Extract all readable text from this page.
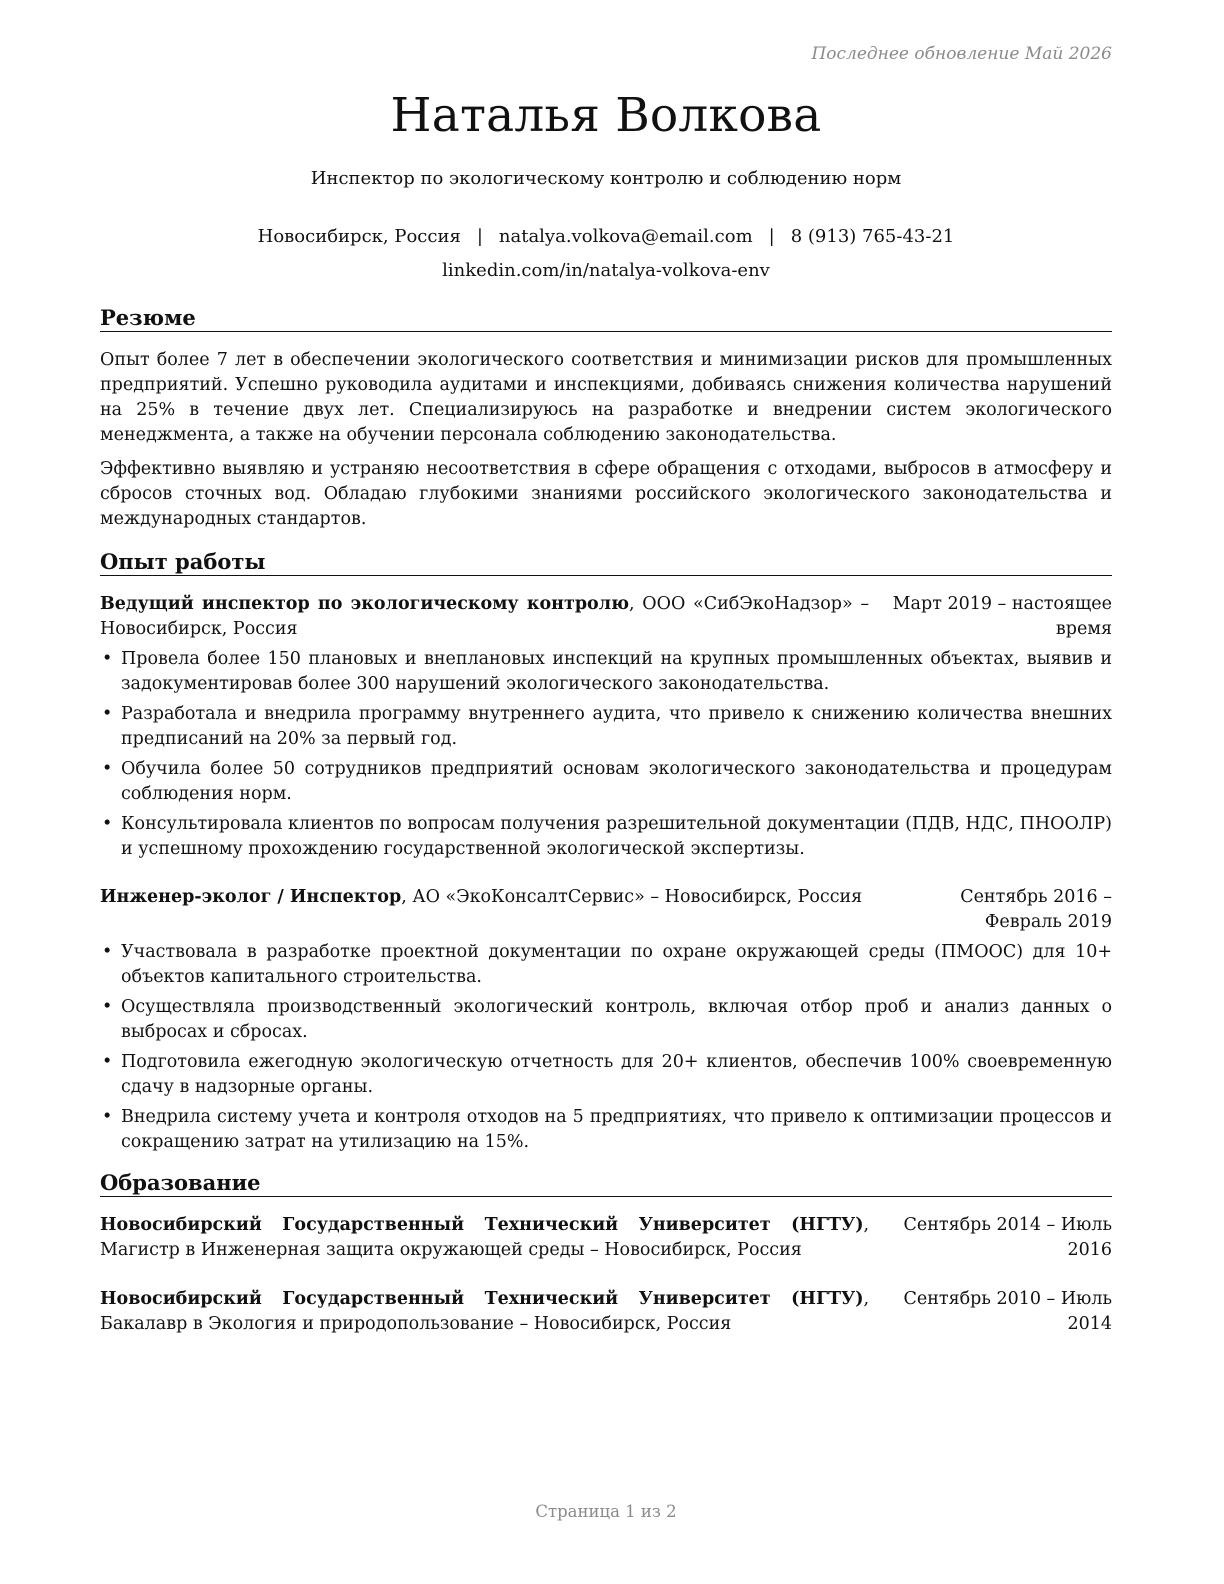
Последнее обновление Май 2026
Наталья Волкова
Инспектор по экологическому контролю и соблюдению норм
Новосибирск, Россия | natalya.volkova@email.com | 8 (913) 765-43-21
linkedin.com/in/natalya-volkova-env
Резюме

Опыт более 7 лет в обеспечении экологического соответствия и минимизации рисков для промышленных предприятий. Успешно руководила аудитами и инспекциями, добиваясь снижения количества нарушений на 25% в течение двух лет. Специализируюсь на разработке и внедрении систем экологического менеджмента, а также на обучении персонала соблюдению законодательства.

Эффективно выявляю и устраняю несоответствия в сфере обращения с отходами, выбросов в атмосферу и сбросов сточных вод. Обладаю глубокими знаниями российского экологического законодательства и международных стандартов.

Опыт работы
Ведущий инспектор по экологическому контролю, ООО «СибЭкоНадзор» – Новосибирск, Россия
Март 2019 – настоящее время
• Провела более 150 плановых и внеплановых инспекций на крупных промышленных объектах, выявив и задокументировав более 300 нарушений экологического законодательства.
• Разработала и внедрила программу внутреннего аудита, что привело к снижению количества внешних предписаний на 20% за первый год.
• Обучила более 50 сотрудников предприятий основам экологического законодательства и процедурам соблюдения норм.
• Консультировала клиентов по вопросам получения разрешительной документации (ПДВ, НДС, ПНООЛР) и успешному прохождению государственной экологической экспертизы.
Инженер-эколог / Инспектор, АО «ЭкоКонсалтСервис» – Новосибирск, Россия	Сентябрь 2016 – Февраль 2019
• Участвовала в разработке проектной документации по охране окружающей среды (ПМООС) для 10+ объектов капитального строительства.
• Осуществляла производственный экологический контроль, включая отбор проб и анализ данных о выбросах и сбросах.
• Подготовила ежегодную экологическую отчетность для 20+ клиентов, обеспечив 100% своевременную сдачу в надзорные органы.
• Внедрила систему учета и контроля отходов на 5 предприятиях, что привело к оптимизации процессов и сокращению затрат на утилизацию на 15%.
Образование
Новосибирский Государственный Технический Университет (НГТУ), Магистр в Инженерная защита окружающей среды – Новосибирск, Россия
Сентябрь 2014 – Июль 2016
Новосибирский Государственный Технический Университет (НГТУ), Бакалавр в Экология и природопользование – Новосибирск, Россия
Сентябрь 2010 – Июль 2014
Страница 1 из 2
